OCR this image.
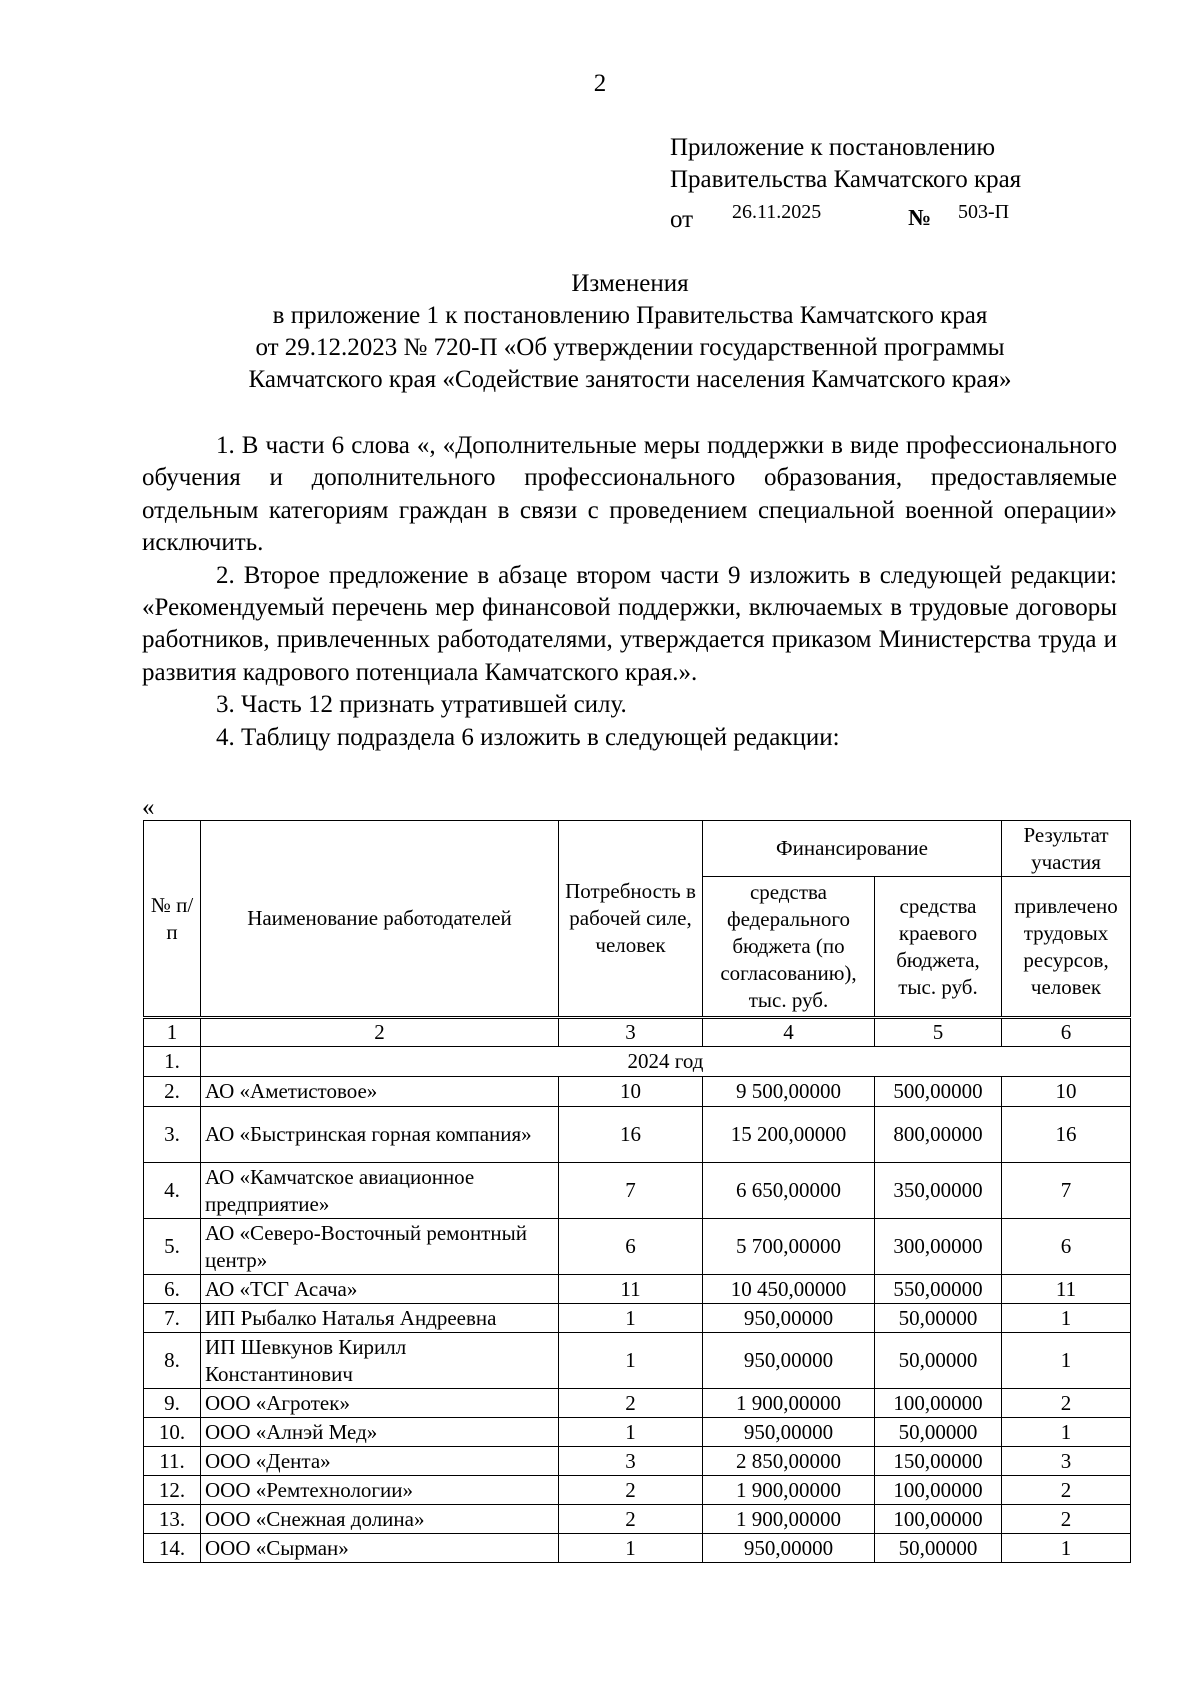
2
Приложение к постановлению
Правительства Камчатского края
от 26.11.2025	№ 503-П
Изменения
в приложение 1 к постановлению Правительства Камчатского края
от 29.12.2023 № 720-П «Об утверждении государственной программы
Камчатского края «Содействие занятости населения Камчатского края»

1. В части 6 слова «, «Дополнительные меры поддержки в виде профессионального обучения и дополнительного профессионального образования, предоставляемые отдельным категориям граждан в связи с проведением специальной военной операции» исключить.

2. Второе предложение в абзаце втором части 9 изложить в следующей редакции: «Рекомендуемый перечень мер финансовой поддержки, включаемых в трудовые договоры работников, привлеченных работодателями, утверждается приказом Министерства труда и развития кадрового потенциала Камчатского края.».

3. Часть 12 признать утратившей силу.

4. Таблицу подраздела 6 изложить в следующей редакции:

«
№ п/п	Наименование работодателей	Потребность в рабочей силе, человек	Финансирование		Результат участия
			средства федерального бюджета (по согласованию), тыс. руб.	средства краевого бюджета, тыс. руб.	привлечено трудовых ресурсов, человек
1	2	3	4	5	6
1.	2024 год				
2.	АО «Аметистовое»	10	9 500,00000	500,00000	10
3.	АО «Быстринская горная компания»	16	15 200,00000	800,00000	16
4.	АО «Камчатское авиационное предприятие»	7	6 650,00000	350,00000	7
5.	АО «Северо-Восточный ремонтный центр»	6	5 700,00000	300,00000	6
6.	АО «ТСГ Асача»	11	10 450,00000	550,00000	11
7.	ИП Рыбалко Наталья Андреевна	1	950,00000	50,00000	1
8.	ИП Шевкунов Кирилл Константинович	1	950,00000	50,00000	1
9.	ООО «Агротек»	2	1 900,00000	100,00000	2
10.	ООО «Алнэй Мед»	1	950,00000	50,00000	1
11.	ООО «Дента»	3	2 850,00000	150,00000	3
12.	ООО «Ремтехнологии»	2	1 900,00000	100,00000	2
13.	ООО «Снежная долина»	2	1 900,00000	100,00000	2
14.	ООО «Сырман»	1	950,00000	50,00000	1
